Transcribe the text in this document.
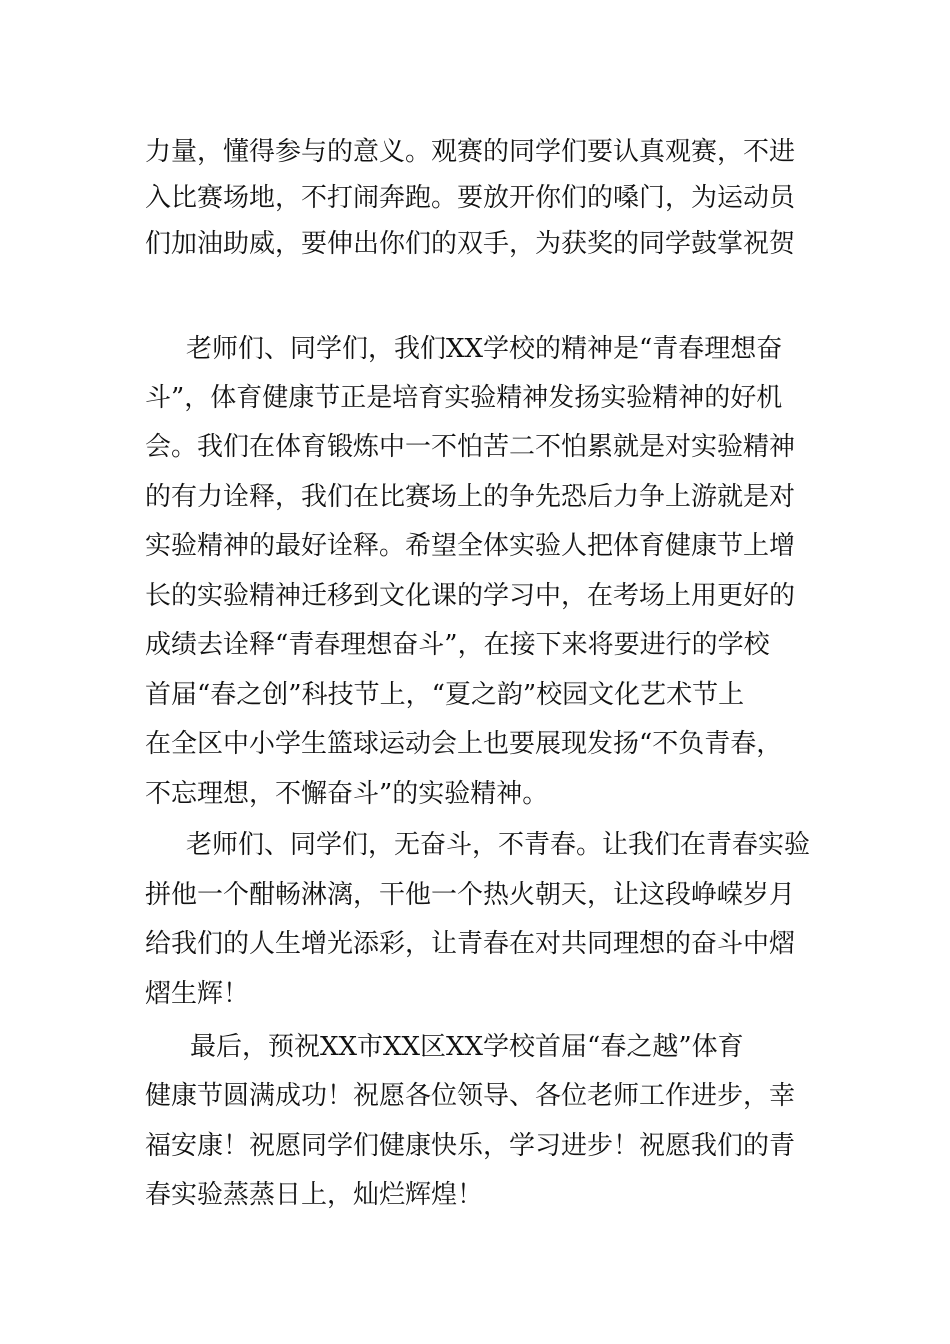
力量，懂得参与的意义。观赛的同学们要认真观赛，不进

入比赛场地，不打闹奔跑。要放开你们的嗓门，为运动员

们加油助威，要伸出你们的双手，为获奖的同学鼓掌祝贺

老师们、同学们，我们XX学校的精神是“青春理想奋

斗”，体育健康节正是培育实验精神发扬实验精神的好机

会。我们在体育锻炼中一不怕苦二不怕累就是对实验精神

的有力诠释，我们在比赛场上的争先恐后力争上游就是对

实验精神的最好诠释。希望全体实验人把体育健康节上增

长的实验精神迁移到文化课的学习中，在考场上用更好的

成绩去诠释“青春理想奋斗”，在接下来将要进行的学校

首届“春之创”科技节上，“夏之韵”校园文化艺术节上

在全区中小学生篮球运动会上也要展现发扬“不负青春，

不忘理想，不懈奋斗”的实验精神。

老师们、同学们，无奋斗，不青春。让我们在青春实验

拼他一个酣畅淋漓，干他一个热火朝天，让这段峥嵘岁月

给我们的人生增光添彩，让青春在对共同理想的奋斗中熠

熠生辉！

最后，预祝XX市XX区XX学校首届“春之越”体育

健康节圆满成功！祝愿各位领导、各位老师工作进步，幸

福安康！祝愿同学们健康快乐，学习进步！祝愿我们的青

春实验蒸蒸日上，灿烂辉煌！
